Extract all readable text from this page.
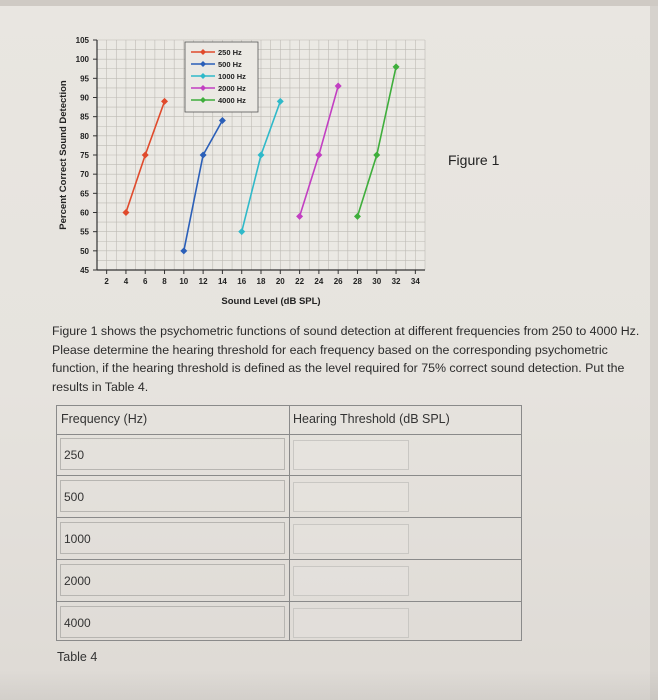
45
50
55
60
65
70
75
80
85
90
95
100
105
2 4 6 8 10 12 14 16 18 20 22 24 26 28 30 32 34
Sound Level (dB SPL)
Percent Correct Sound Detection
250 Hz
500 Hz
1000 Hz
2000 Hz
4000 Hz
Figure 1
Figure 1 shows the psychometric functions of sound detection at different frequencies from 250 to 4000 Hz. Please determine the hearing threshold for each frequency based on the corresponding psychometric function, if the hearing threshold is defined as the level required for 75% correct sound detection. Put the results in Table 4.
Frequency (Hz)	Hearing Threshold (dB SPL)
250
500
1000
2000
4000
Table 4
